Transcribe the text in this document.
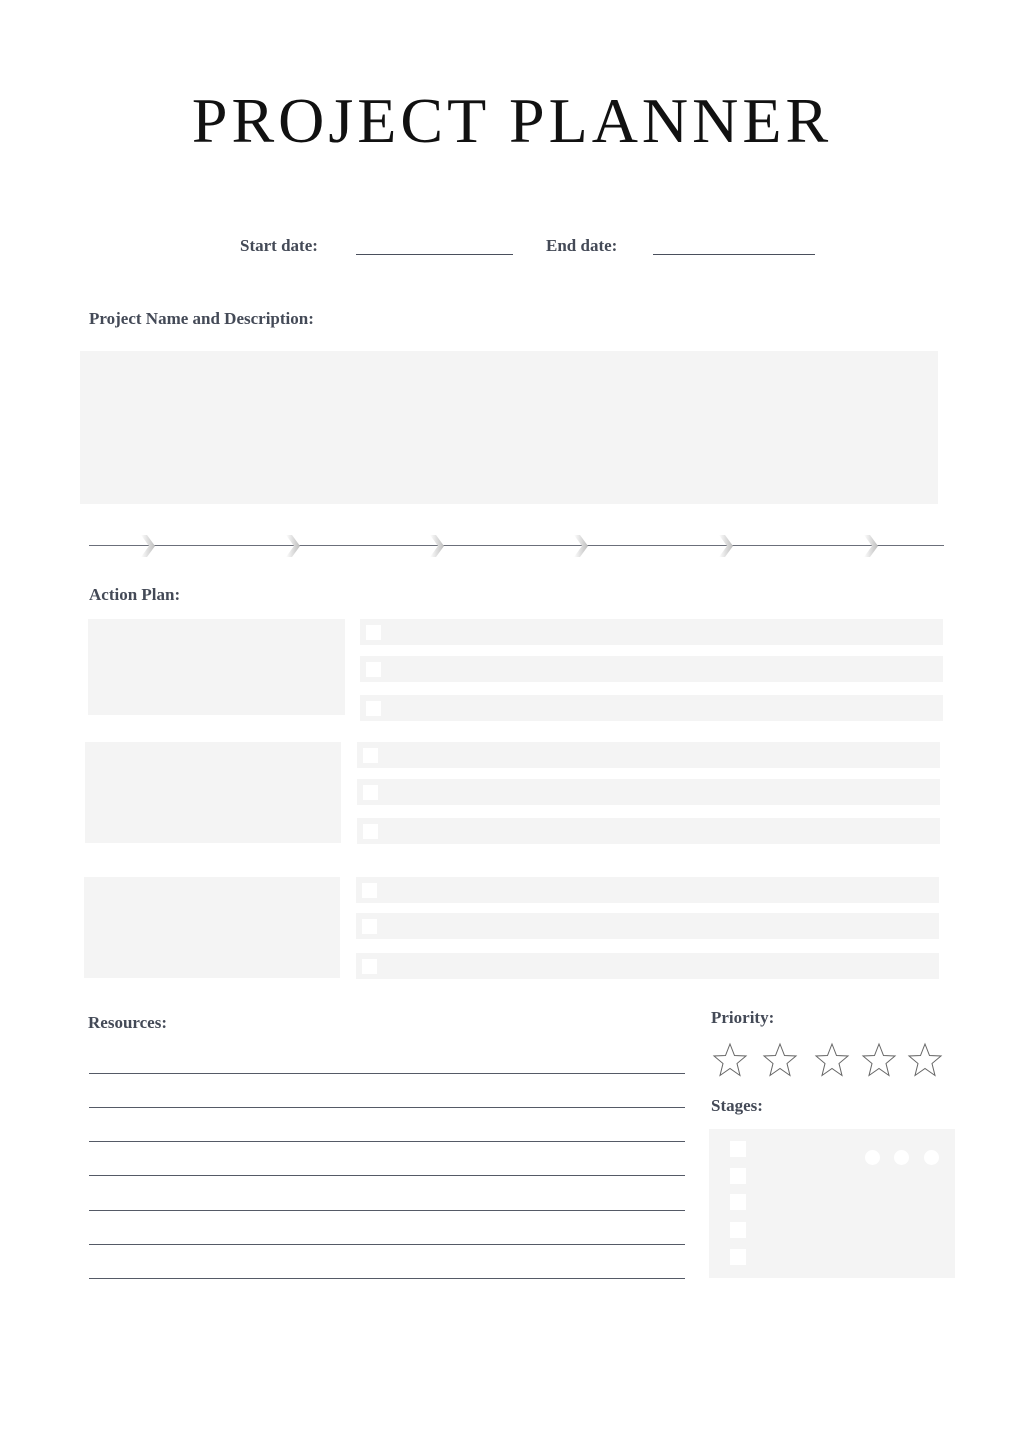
PROJECT PLANNER
Start date:	End date:
Project Name and Description:
Action Plan:
Resources:	Priority:
Stages:
